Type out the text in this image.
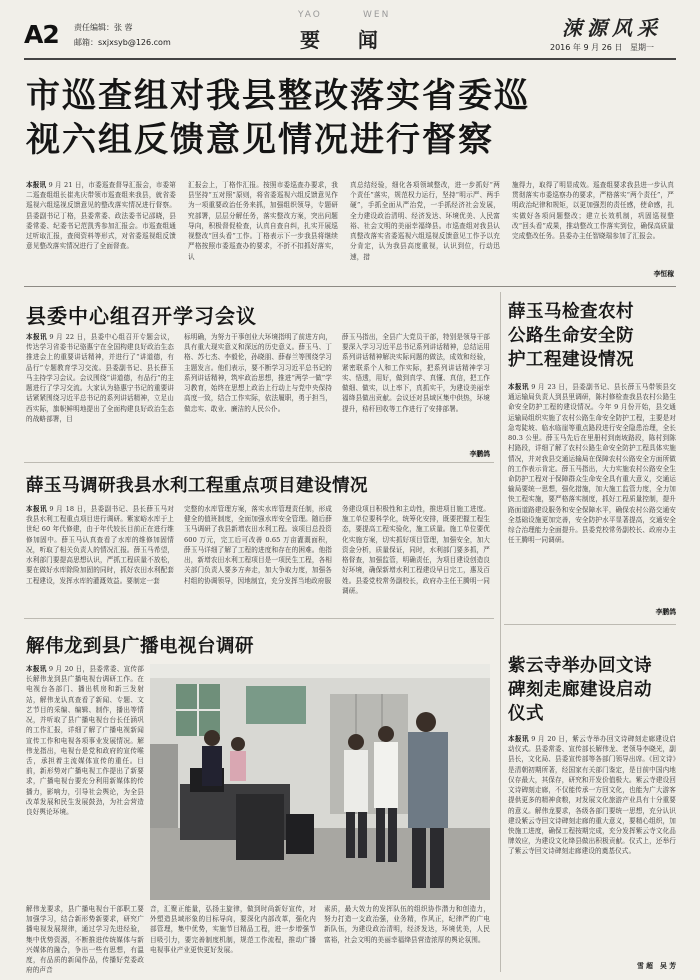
A2 责任编辑：张 蓉
邮箱：sxjxsyb@126.com
YAO	WEN
要    闻	涑源风采
2016 年 9 月 26 日   星期一
市巡查组对我县整改落实省委巡
视六组反馈意见情况进行督察

本报讯 9 月 21 日，市委巡查督导汇报会，市委第二巡查组组长崔兆庆带领市巡查组来我县，就省委巡视六组巡视反馈意见的整改落实情况进行督察。县委副书记丁格，县委常委、政法委书记邵晓，县委常委、纪委书记范凯秀参加汇报会。市巡查组通过听取汇报，查阅资料等形式，对省委巡视组反馈意见整改落实情况进行了全面督查。

汇报会上，丁格作汇报。按照市委巡查办要求，我县坚持“五对照”原则，将省委巡视六组反馈意见作为一项重要政治任务来抓，加强组织领导，专题研究部署，层层分解任务，落实整改方案，突出问题导向，积极督促检查，认真自查自纠，扎实开展巡视整改“回头看”工作。丁格表示下一步我县将继续严格按照市委巡查办的要求，不折不扣抓好落实，认

真总结经验，细化各项领域整改，进一步抓好“两个责任”落实，规范权力运行，坚持“明示严、两手硬”，手抓全面从严治党，一手抓经济社会发展，全力建设政治清明、经济发达、环境优美、人民富裕、社会文明的美丽幸福绛县。市巡查组对我县认真整改落实省委巡视六组巡视反馈意见工作予以充分肯定，认为我县高度重视，认识到位，行动迅速，措

施得力，取得了明显成效。巡查组要求我县进一步认真贯彻落实市委巡察办的要求，严格落实“两个责任”，严明政治纪律和规矩，以更加强烈的责任感，使命感，扎实做好各项问题整改；建立长效机制，巩固巡视整改“回头看”成果，推动整改工作落实到位，确保高质量完成整改任务。县委办主任智晓瑞参加了汇报会。

李恒稼
县委中心组召开学习会议

本报讯 9 月 22 日，县委中心组召开专题会议，传达学习省委书记骆惠宁在全国构建良好政治生态推进会上的重要讲话精神，并进行了“讲道德，有品行”专题教育学习交流。县委副书记、县长薛玉马主持学习会议。会议围绕“讲道德，有品行”的主题进行了学习交流。大家认为骆惠宁书记的重要讲话紧紧围绕习近平总书记的系列讲话精神，立足山西实际，旗帜鲜明地提出了全面构建良好政治生态的战略部署，目

标明确，为努力干事创业大环境指明了前进方向，具有重大现实意义和深远的历史意义。薛玉马、丁格、苏七杰、李毅伦，孙晓朋、薛春兰等围绕学习主题发言。他们表示，要不断学习习近平总书记的系列讲话精神，筑牢政治思想，推进“两学一做”学习教育，始终在思想上政治上行动上与党中央保持高度一致，结合工作实际，依法履职，勇于担当，做忠实、敢业、廉洁的人民公仆。

薛玉马指出，全县广大党员干部，特别是领导干部要深入学习习近平总书记系列讲话精神，总结运用系列讲话精神解决实际问题的做法，成效和经验，紧密联系个人和工作实际，把系列讲话精神学习实、悟透，用好，做到真学、真懂、真信，把工作做细、做实，以上率下，真抓实干，为建设美丽幸福绛县做出贡献。会议还对县域区集中供热，环境提升，秸秆回收等工作进行了安排部署。

李鹏鸽
薛玉马调研我县水利工程重点项目建设情况

本报讯 9 月 18 日，县委副书记、县长薛玉马对我县水利工程重点项目进行调研。紫家峪水库于上世纪 60 年代修建，由于年代较长目前正在进行维修加固中。薛玉马认真查看了水库的维修加固情况，听取了相关负责人的情况汇报。薛玉马希望，水利部门要提高思想认识，严抓工程质量不放松，要在做好水库除险加固的同时，抓好农田水利配套工程建设，发挥水库的灌溉效益。要制定一套

完整的水库管理方案，落实水库管理责任制，形成健全的值班制度，全面加强水库安全管理。随后薛玉马调研了我县新增农田水利工程。该项目总投资 600 万元，完工后可改善 0.65 万亩灌溉面积，薛玉马详细了解了工程的进度和存在的困难。他指出，新增农田水利工程项目是一项民生工程，各相关部门负责人要多方奔走，加大争取力度，加强各村组的协调领导，因地制宜，充分发挥当地政府服

务建设项目积极性和主动性，推进项目施工进度。施工单位要科学化，统筹化安排，既要把握工程生态，要提高工程实验化，施工质量。施工单位要优化实施方案，切实抓好项目管理，加强安全，加大资金分析，质量保证，同时，水利部门要多抓，严格督查，加强监管，明确责任，为项目建设创造良好环境，确保新增水利工程建设早日完工，惠及百姓。县委党校常务副校长，政府办主任王腾明一同调研。

薛玉马检查农村
公路生命安全防
护工程建设情况

本报讯 9 月 23 日，县委副书记、县长薛玉马带领县交通运输局负责人到县里调研，陈村修检查我县农村公路生命安全防护工程的建设情况。今年 9 月份开始，县交通运输局组织实施了农村公路生命安全防护工程，主要是对急弯陡坡、临水临崖等重点路段进行安全隐患治理，全长 80.3 公里。薛玉马先后在里册村到南坡路段，陈村到陈村路段，详细了解了农村公路生命安全防护工程具体实施情况，并对我县交通运输局在保障农村公路安全方面所做的工作表示肯定。薛玉马指出，大力实施农村公路安全生命防护工程对于保障群众生命安全具有重大意义，交通运输局要统一思想，强化措施，加大施工监管力度，全力加快工程实施，要严格落实制度，抓好工程质量控制，提升路面道路建设服务和安全保障水平，确保农村公路交通安全基础设施更加完善，安全防护水平显著提高，交通安全综合治理能力全面提升。县委党校常务副校长、政府办主任王腾明一同调研。

李鹏鸽
解伟龙到县广播电视台调研

本报讯 9 月 20 日，县委常委、宣传部长解伟龙到县广播电视台调研工作。在电视台各部门、播出机房和新三发射站，解伟龙认真查看了新闻、专题、文艺节目的采编、编辑、制作，播出等情况，并听取了县广播电视台台长任涵巩的工作汇报，详细了解了广播电视新闻宣传工作和电视各项事业发展情况。解伟龙指出，电视台是党和政府的宣传喉舌，承担着主流媒体宣传的重任。目前，新形势对广播电视工作提出了新要求，广播电视台要充分利用新媒体的传播力，影响力，引导社会舆论，为全县改革发展和民生发展鼓劲，为社会营造良好舆论环境。

解伟龙要求，县广播电视台干部职工要加强学习，结合新形势新要求，研究广播电视发展规律，通过学习先进经验，集中优势资源，不断推进传统媒体与新兴媒体的融合，争出一些有思想，有温度，有品质的新闻作品，传播好党委政府的声音

音，汇聚正能量，弘扬主旋律，做到时尚新好宣传，对外塑造县域形象的目标导向，要深化内部改革，强化内部管理，集中优势，实施节目精品工程，进一步增强节目吸引力，要完善制度机制，规范工作流程，推动广播电视事业产业更快更好发展。

素质，最大效力的发挥队伍的组织协作潜力和创造力，努力打造一支政治强，业务精，作风正，纪律严的广电新队伍，为建设政治清明，经济发达，环境优美，人民富裕，社会文明的美丽幸福绛县营造浓厚的舆论氛围。

紫云寺举办回文诗
碑刻走廊建设启动
仪式

本报讯 9 月 20 日，紫云寺举办回文诗碑刻走廊建设启动仪式。县委常委、宣传部长解伟龙、老领导李晓光，副县长，文化局、县委宣传部等各部门领导出席。《回文诗》是清朝初期所著，经国家有关部门鉴定，是目前中国内地仅存最大，其保存，研究和开发价值极大。紫云寺建设回文诗碑刻走廊，不仅能传承一方回文化，也能为广大游客提供更多的精神食粮，对发展文化旅游产业具有十分重要的意义。解伟龙要求，各级各部门要统一思想，充分认识建设紫云寺回文诗碑刻走廊的重大意义，要精心组织，加快施工进度，确保工程按期完成，充分发挥紫云寺文化品牌效应，为建设文化绛县做出积极贡献。仪式上，还举行了紫云寺回文诗碑刻走廊建设的奠基仪式。

雪 超   吴 芳
